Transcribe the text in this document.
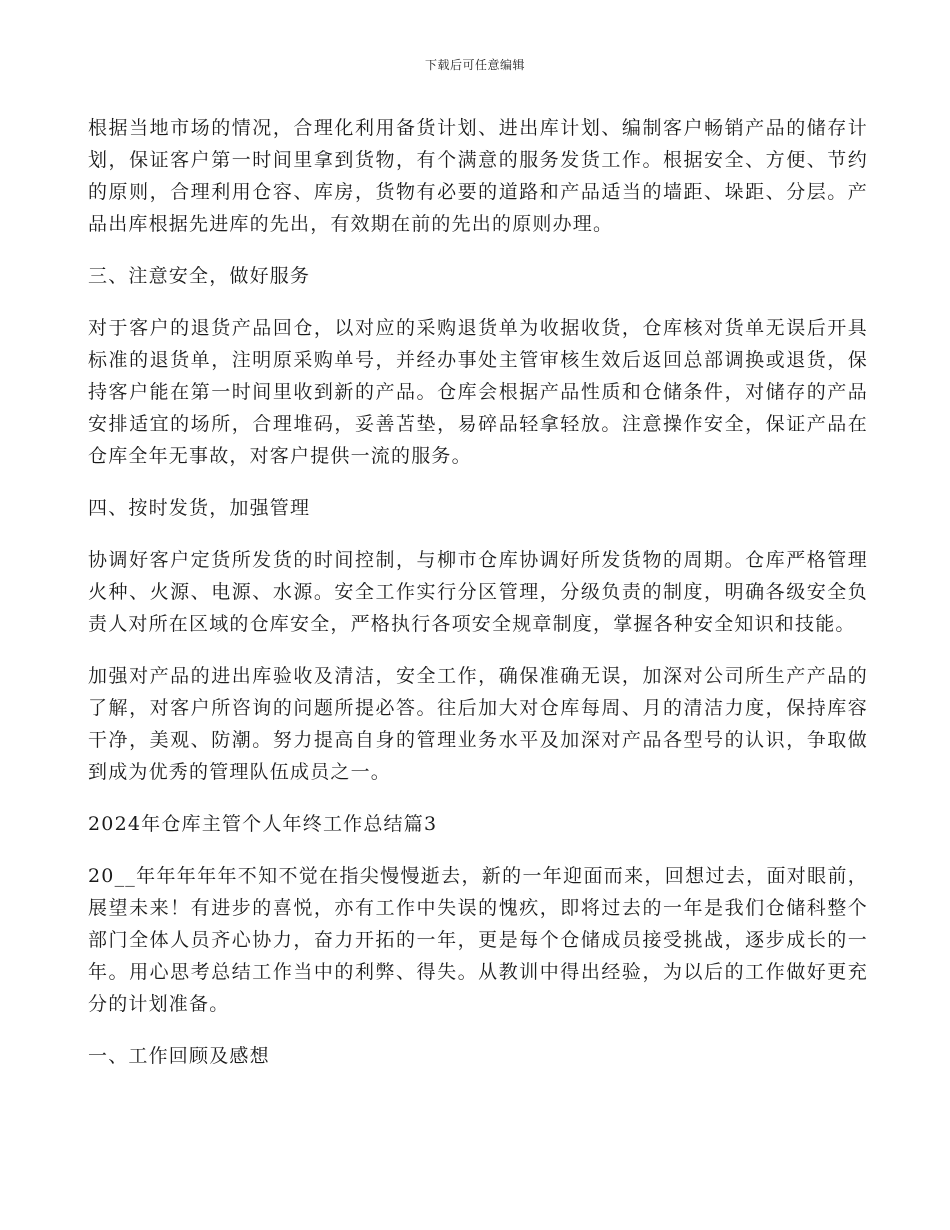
下载后可任意编辑

根据当地市场的情况，合理化利用备货计划、进出库计划、编制客户畅销产品的储存计划，保证客户第一时间里拿到货物，有个满意的服务发货工作。根据安全、方便、节约的原则，合理利用仓容、库房，货物有必要的道路和产品适当的墙距、垛距、分层。产品出库根据先进库的先出，有效期在前的先出的原则办理。

三、注意安全，做好服务

对于客户的退货产品回仓，以对应的采购退货单为收据收货，仓库核对货单无误后开具标准的退货单，注明原采购单号，并经办事处主管审核生效后返回总部调换或退货，保持客户能在第一时间里收到新的产品。仓库会根据产品性质和仓储条件，对储存的产品安排适宜的场所，合理堆码，妥善苫垫，易碎品轻拿轻放。注意操作安全，保证产品在仓库全年无事故，对客户提供一流的服务。

四、按时发货，加强管理

协调好客户定货所发货的时间控制，与柳市仓库协调好所发货物的周期。仓库严格管理火种、火源、电源、水源。安全工作实行分区管理，分级负责的制度，明确各级安全负责人对所在区域的仓库安全，严格执行各项安全规章制度，掌握各种安全知识和技能。

加强对产品的进出库验收及清洁，安全工作，确保准确无误，加深对公司所生产产品的了解，对客户所咨询的问题所提必答。往后加大对仓库每周、月的清洁力度，保持库容干净，美观、防潮。努力提高自身的管理业务水平及加深对产品各型号的认识，争取做到成为优秀的管理队伍成员之一。

2024年仓库主管个人年终工作总结篇3

20__年年年年年不知不觉在指尖慢慢逝去，新的一年迎面而来，回想过去，面对眼前，展望未来！有进步的喜悦，亦有工作中失误的愧疚，即将过去的一年是我们仓储科整个部门全体人员齐心协力，奋力开拓的一年，更是每个仓储成员接受挑战，逐步成长的一年。用心思考总结工作当中的利弊、得失。从教训中得出经验，为以后的工作做好更充分的计划准备。

一、工作回顾及感想
